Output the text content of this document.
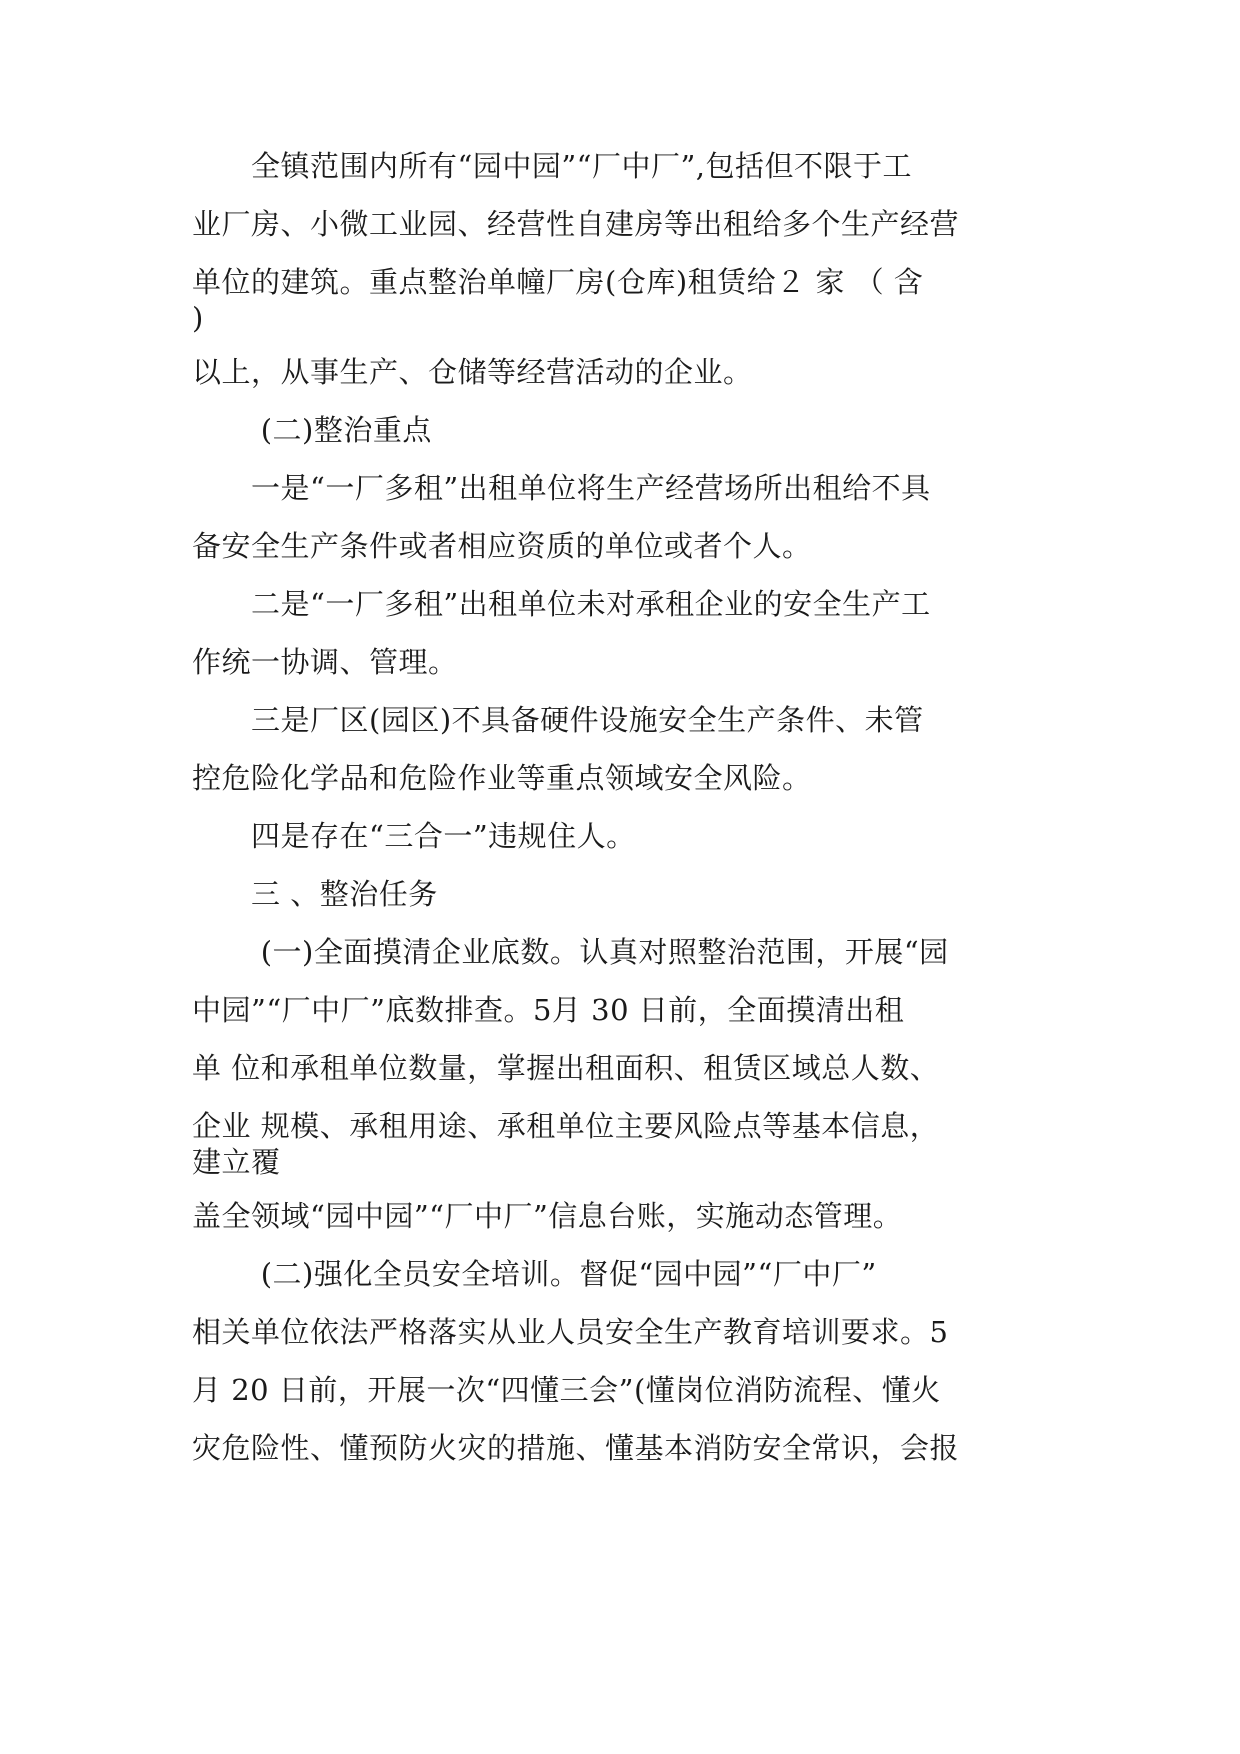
　　全镇范围内所有“园中园”“厂中厂”,包括但不限于工
业厂房、小微工业园、经营性自建房等出租给多个生产经营
单位的建筑。重点整治单幢厂房(仓库)租赁给２ 家 （ 含
)
以上，从事生产、仓储等经营活动的企业。
　　 (二)整治重点
　　一是“一厂多租”出租单位将生产经营场所出租给不具
备安全生产条件或者相应资质的单位或者个人。
　　二是“一厂多租”出租单位未对承租企业的安全生产工
作统一协调、管理。
　　三是厂区(园区)不具备硬件设施安全生产条件、未管
控危险化学品和危险作业等重点领域安全风险。
　　四是存在“三合一”违规住人。
　　三 、整治任务
　　 (一)全面摸清企业底数。认真对照整治范围，开展“园
中园”“厂中厂”底数排查。5月 30 日前，全面摸清出租
单 位和承租单位数量，掌握出租面积、租赁区域总人数、
企业 规模、承租用途、承租单位主要风险点等基本信息，
建立覆
盖全领域“园中园”“厂中厂”信息台账，实施动态管理。
　　 (二)强化全员安全培训。督促“园中园”“厂中厂”
相关单位依法严格落实从业人员安全生产教育培训要求。5
月 20 日前，开展一次“四懂三会”(懂岗位消防流程、懂火
灾危险性、懂预防火灾的措施、懂基本消防安全常识，会报
